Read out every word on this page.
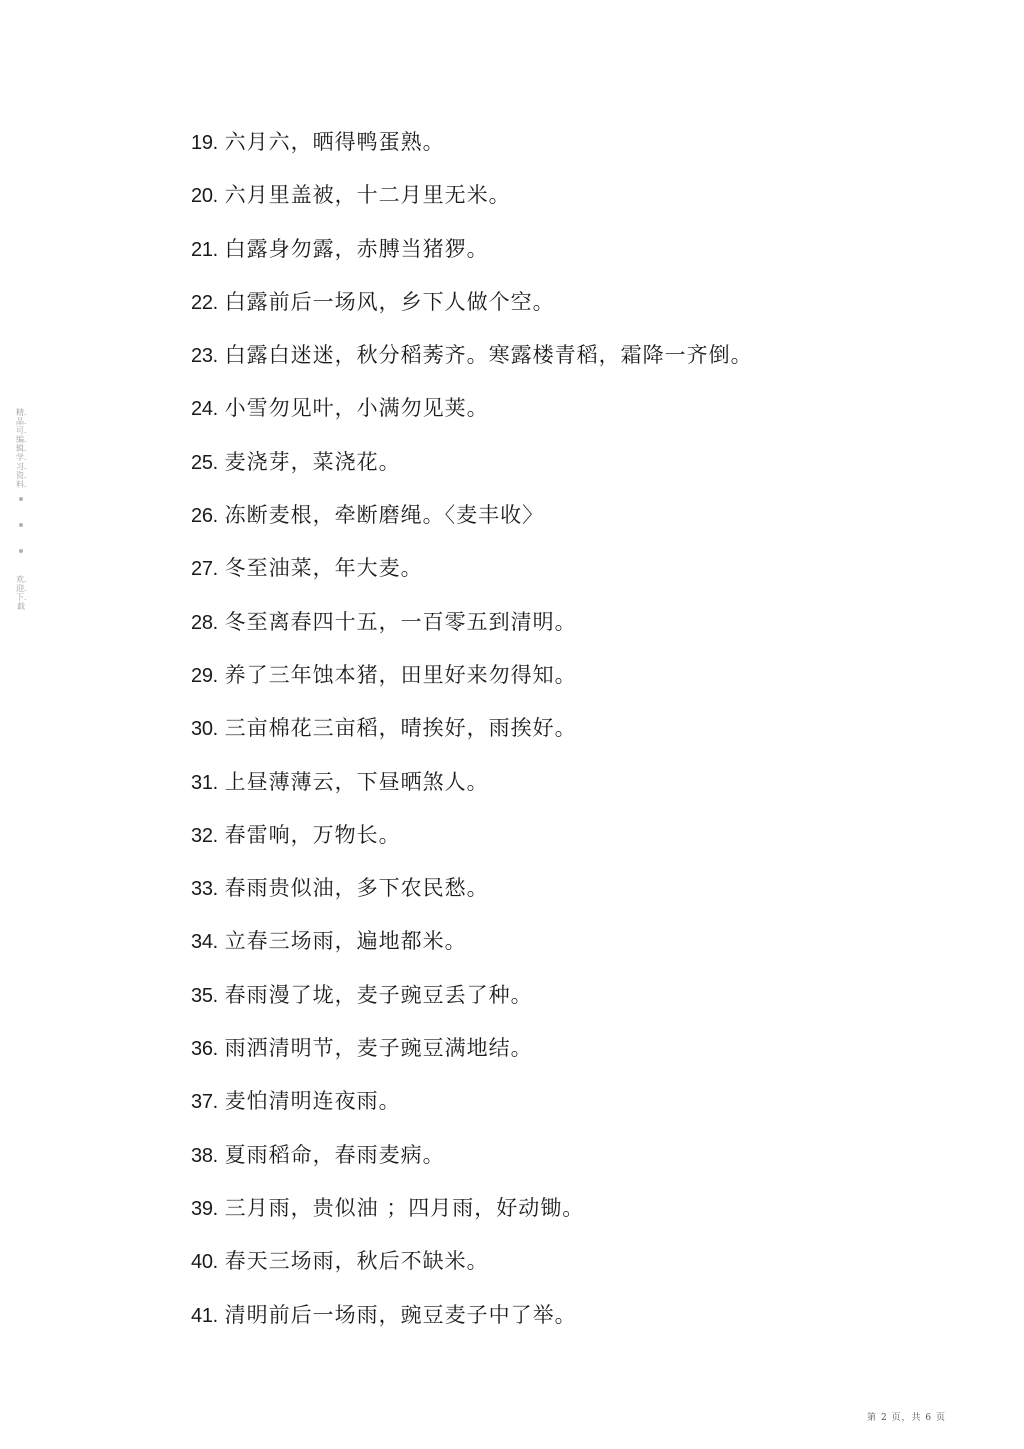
精.品.可.编.辑.学.习.资.料.
欢.迎.下.载
19. 六月六，晒得鸭蛋熟。
20. 六月里盖被，十二月里无米。
21. 白露身勿露，赤膊当猪猡。
22. 白露前后一场风，乡下人做个空。
23. 白露白迷迷，秋分稻莠齐。寒露楼青稻，霜降一齐倒。
24. 小雪勿见叶，小满勿见荚。
25. 麦浇芽，菜浇花。
26. 冻断麦根，牵断磨绳。〈麦丰收〉
27. 冬至油菜，年大麦。
28. 冬至离春四十五，一百零五到清明。
29. 养了三年蚀本猪，田里好来勿得知。
30. 三亩棉花三亩稻，晴挨好，雨挨好。
31. 上昼薄薄云，下昼晒煞人。
32. 春雷响，万物长。
33. 春雨贵似油，多下农民愁。
34. 立春三场雨，遍地都米。
35. 春雨漫了垅，麦子豌豆丢了种。
36. 雨洒清明节，麦子豌豆满地结。
37. 麦怕清明连夜雨。
38. 夏雨稻命，春雨麦病。
39. 三月雨，贵似油 ；四月雨，好动锄。
40. 春天三场雨，秋后不缺米。
41. 清明前后一场雨，豌豆麦子中了举。
第 2 页，共 6 页
